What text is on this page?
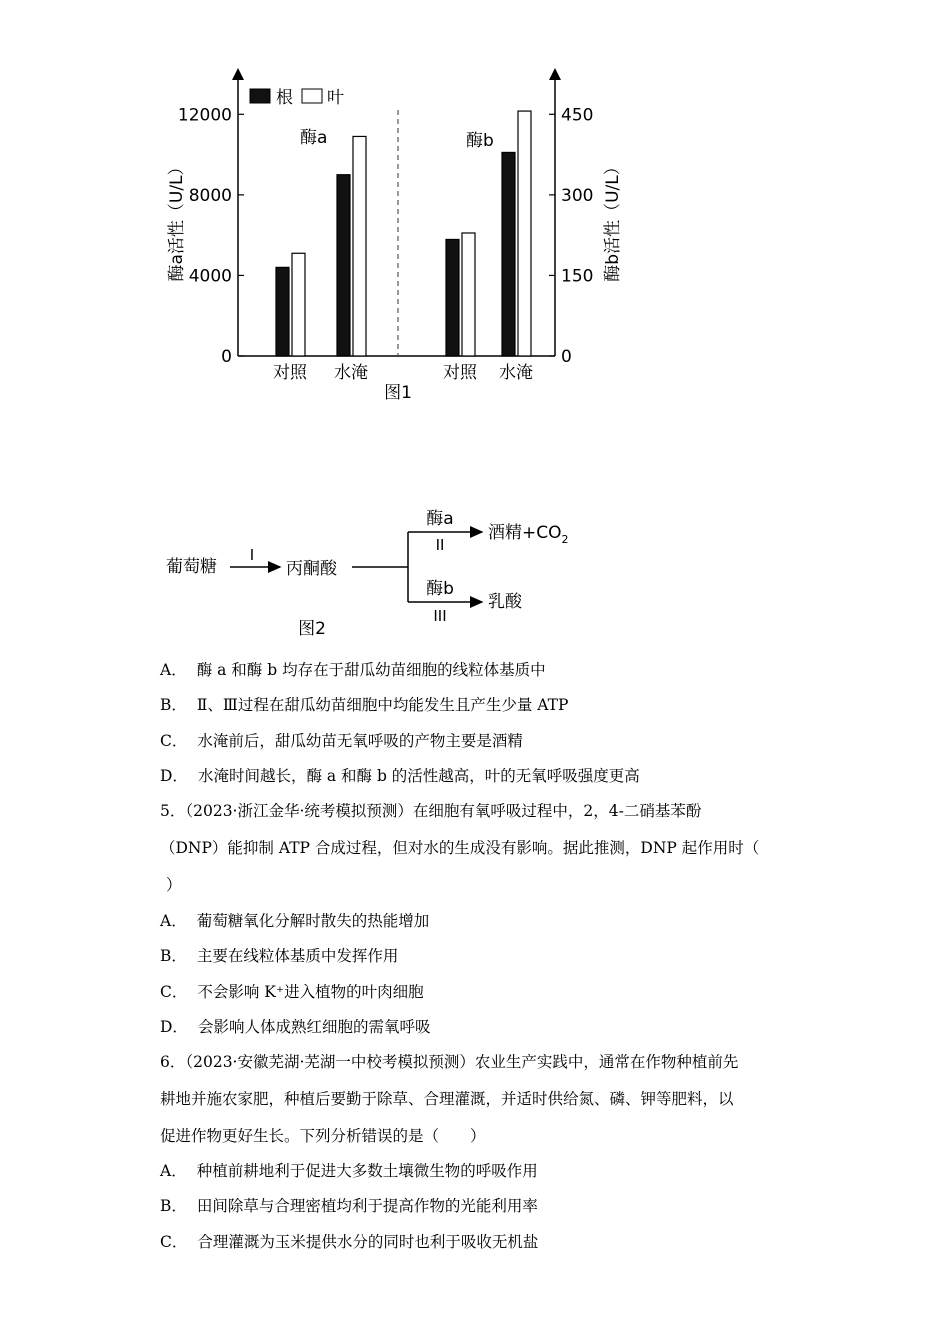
根 叶
酶a	酶b
酶a活性（U/L）	酶b活性（U/L）
0
4000
8000
12000
0
150
300
450
对照 水淹	对照 水淹
图1
葡萄糖
I
丙酮酸
酶a
II
酶b
III
酒精$+CO_2$
乳酸
图2
A． 酶 a 和酶 b 均存在于甜瓜幼苗细胞的线粒体基质中
B． Ⅱ、Ⅲ过程在甜瓜幼苗细胞中均能发生且产生少量 ATP
C． 水淹前后，甜瓜幼苗无氧呼吸的产物主要是酒精
D． 水淹时间越长，酶 a 和酶 b 的活性越高，叶的无氧呼吸强度更高
5．（2023·浙江金华·统考模拟预测）在细胞有氧呼吸过程中，2，4-二硝基苯酚
（DNP）能抑制 ATP 合成过程，但对水的生成没有影响。据此推测，DNP 起作用时（
）
A． 葡萄糖氧化分解时散失的热能增加
B． 主要在线粒体基质中发挥作用
C． 不会影响 K⁺进入植物的叶肉细胞
D． 会影响人体成熟红细胞的需氧呼吸
6．（2023·安徽芜湖·芜湖一中校考模拟预测）农业生产实践中，通常在作物种植前先
耕地并施农家肥，种植后要勤于除草、合理灌溉，并适时供给氮、磷、钾等肥料，以
促进作物更好生长。下列分析错误的是（　　）
A． 种植前耕地利于促进大多数土壤微生物的呼吸作用
B． 田间除草与合理密植均利于提高作物的光能利用率
C． 合理灌溉为玉米提供水分的同时也利于吸收无机盐
